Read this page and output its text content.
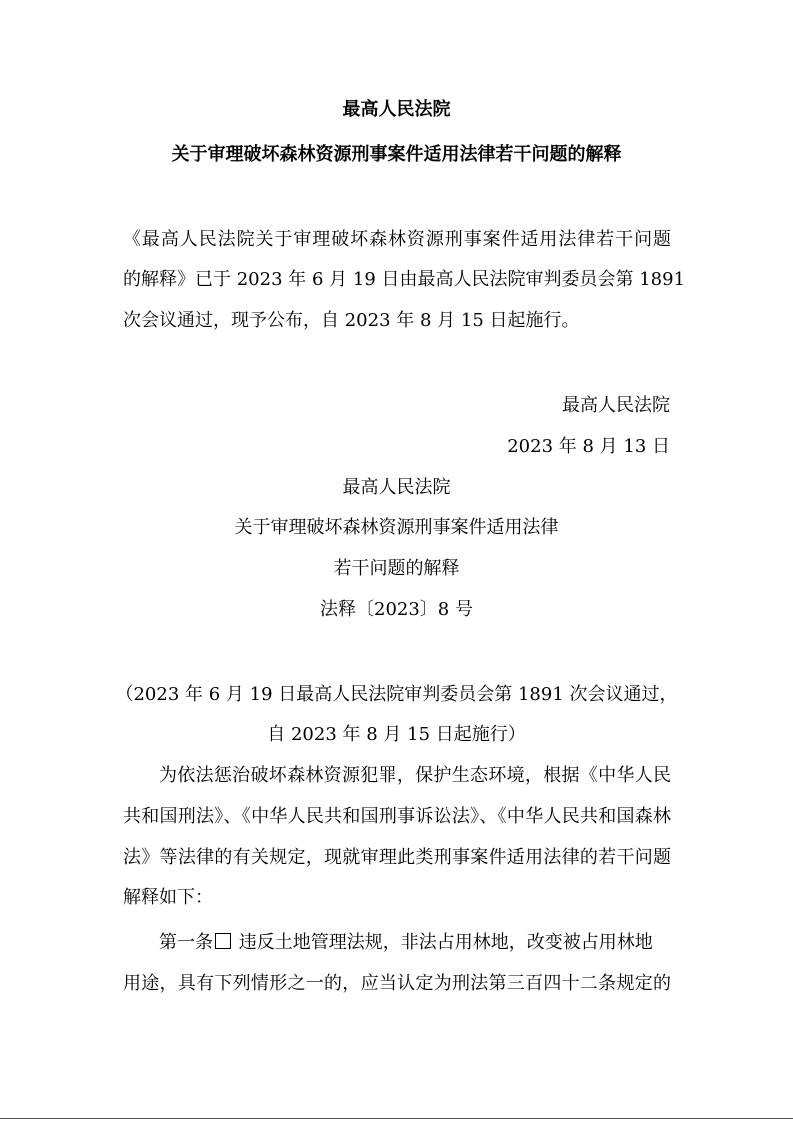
最高人民法院
关于审理破坏森林资源刑事案件适用法律若干问题的解释
《最高人民法院关于审理破坏森林资源刑事案件适用法律若干问题
的解释》已于 2023 年 6 月 19 日由最高人民法院审判委员会第 1891
次会议通过，现予公布，自 2023 年 8 月 15 日起施行。
最高人民法院
2023 年 8 月 13 日
最高人民法院
关于审理破坏森林资源刑事案件适用法律
若干问题的解释
法释〔2023〕8 号
（2023 年 6 月 19 日最高人民法院审判委员会第 1891 次会议通过，
自 2023 年 8 月 15 日起施行）
为依法惩治破坏森林资源犯罪，保护生态环境，根据《中华人民
共和国刑法》、《中华人民共和国刑事诉讼法》、《中华人民共和国森林
法》等法律的有关规定，现就审理此类刑事案件适用法律的若干问题
解释如下：
第一条 违反土地管理法规，非法占用林地，改变被占用林地
用途，具有下列情形之一的，应当认定为刑法第三百四十二条规定的
